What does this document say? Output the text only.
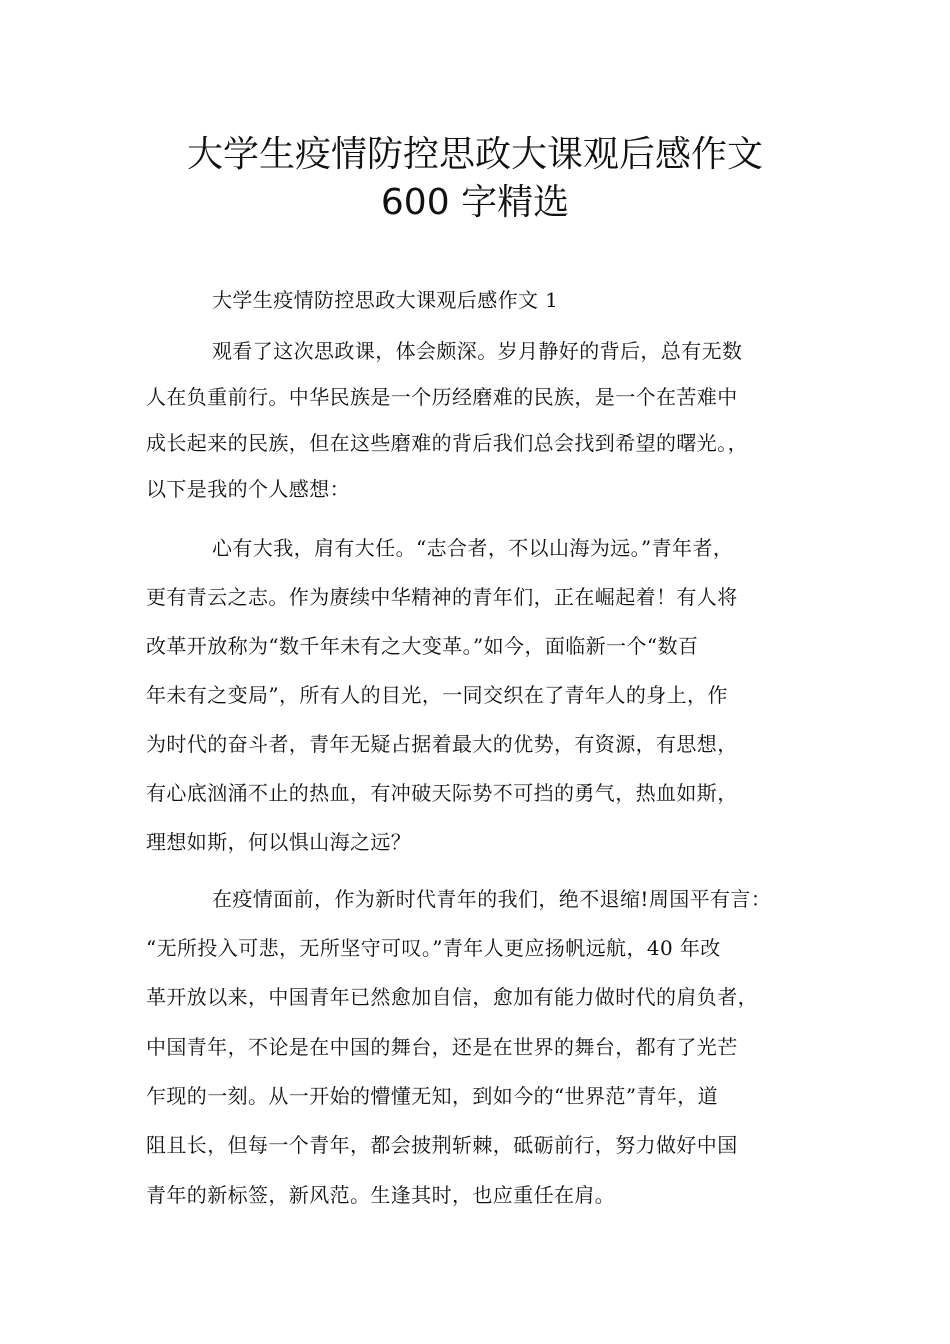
大学生疫情防控思政大课观后感作文
600 字精选
大学生疫情防控思政大课观后感作文 1
观看了这次思政课，体会颇深。岁月静好的背后，总有无数
人在负重前行。中华民族是一个历经磨难的民族，是一个在苦难中
成长起来的民族，但在这些磨难的背后我们总会找到希望的曙光。，
以下是我的个人感想：
心有大我，肩有大任。“志合者，不以山海为远。”青年者，
更有青云之志。作为赓续中华精神的青年们，正在崛起着！有人将
改革开放称为“数千年未有之大变革。”如今，面临新一个“数百
年未有之变局”，所有人的目光，一同交织在了青年人的身上，作
为时代的奋斗者，青年无疑占据着最大的优势，有资源，有思想，
有心底汹涌不止的热血，有冲破天际势不可挡的勇气，热血如斯，
理想如斯，何以惧山海之远？
在疫情面前，作为新时代青年的我们，绝不退缩!周国平有言：
“无所投入可悲，无所坚守可叹。”青年人更应扬帆远航，40 年改
革开放以来，中国青年已然愈加自信，愈加有能力做时代的肩负者，
中国青年，不论是在中国的舞台，还是在世界的舞台，都有了光芒
乍现的一刻。从一开始的懵懂无知，到如今的“世界范”青年，道
阻且长，但每一个青年，都会披荆斩棘，砥砺前行，努力做好中国
青年的新标签，新风范。生逢其时，也应重任在肩。
